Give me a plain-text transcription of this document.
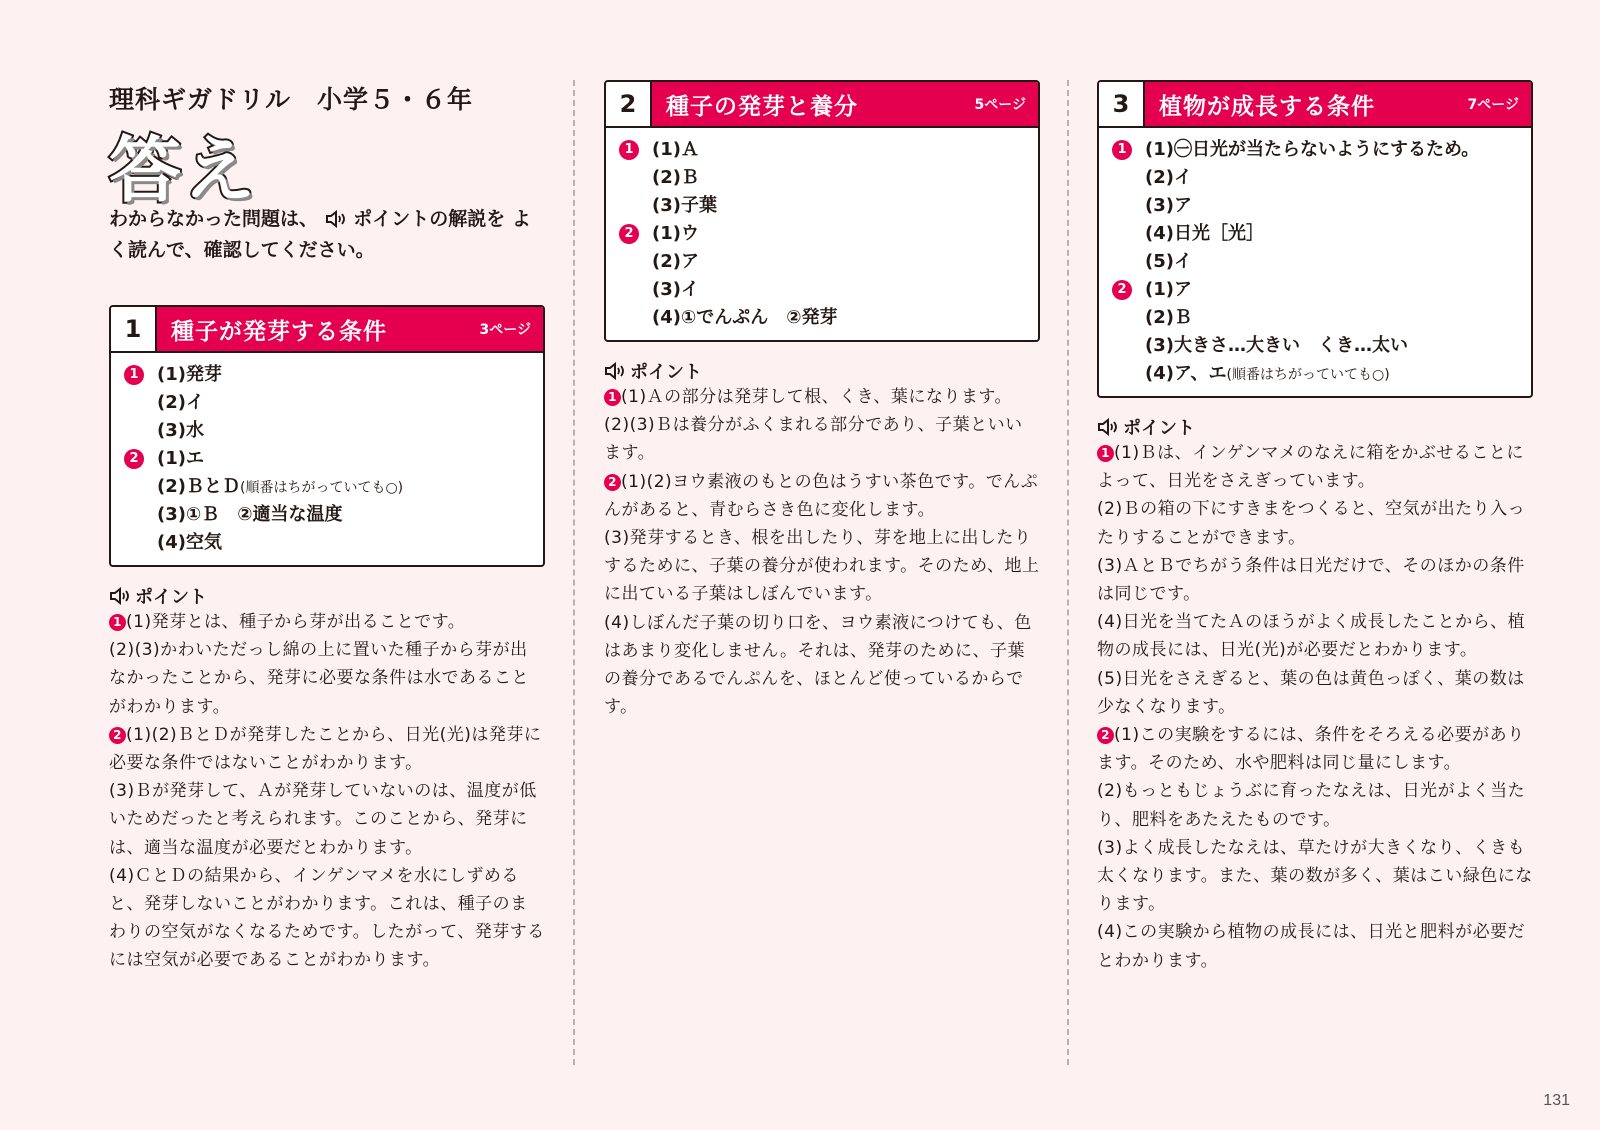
理科ギガドリル　小学５・６年
答え
わからなかった問題は、 ポイントの解説を よく読んで、確認してください。
1	種子が発芽する条件	3ページ
1	(1)発芽
(2)イ
(3)水
2	(1)エ
(2)ＢとＤ(順番はちがっていても○)
(3)①Ｂ　②適当な温度
(4)空気
ポイント

1 (1)発芽とは、種子から芽が出ることです。

(2)(3)かわいただっし綿の上に置いた種子から芽が出なかったことから、発芽に必要な条件は水であることがわかります。

2 (1)(2)ＢとＤが発芽したことから、日光(光)は発芽に必要な条件ではないことがわかります。

(3)Ｂが発芽して、Ａが発芽していないのは、温度が低いためだったと考えられます。このことから、発芽には、適当な温度が必要だとわかります。

(4)ＣとＤの結果から、インゲンマメを水にしずめると、発芽しないことがわかります。これは、種子のまわりの空気がなくなるためです。したがって、発芽するには空気が必要であることがわかります。

2	種子の発芽と養分	5ページ
1	(1)Ａ
(2)Ｂ
(3)子葉
2	(1)ウ
(2)ア
(3)イ
(4)①でんぷん　②発芽
ポイント

1 (1)Ａの部分は発芽して根、くき、葉になります。

(2)(3)Ｂは養分がふくまれる部分であり、子葉といいます。

2 (1)(2)ヨウ素液のもとの色はうすい茶色です。でんぷんがあると、青むらさき色に変化します。

(3)発芽するとき、根を出したり、芽を地上に出したりするために、子葉の養分が使われます。そのため、地上に出ている子葉はしぼんでいます。

(4)しぼんだ子葉の切り口を、ヨウ素液につけても、色はあまり変化しません。それは、発芽のために、子葉の養分であるでんぷんを、ほとんど使っているからです。

3	植物が成長する条件	7ページ
1	(1)㊀日光が当たらないようにするため。
(2)イ
(3)ア
(4)日光［光］
(5)イ
2	(1)ア
(2)Ｂ
(3)大きさ…大きい　くき…太い
(4)ア、エ(順番はちがっていても○)
ポイント

1 (1)Ｂは、インゲンマメのなえに箱をかぶせることによって、日光をさえぎっています。

(2)Ｂの箱の下にすきまをつくると、空気が出たり入ったりすることができます。

(3)ＡとＢでちがう条件は日光だけで、そのほかの条件は同じです。

(4)日光を当てたＡのほうがよく成長したことから、植物の成長には、日光(光)が必要だとわかります。

(5)日光をさえぎると、葉の色は黄色っぽく、葉の数は少なくなります。

2 (1)この実験をするには、条件をそろえる必要があります。そのため、水や肥料は同じ量にします。

(2)もっともじょうぶに育ったなえは、日光がよく当たり、肥料をあたえたものです。

(3)よく成長したなえは、草たけが大きくなり、くきも太くなります。また、葉の数が多く、葉はこい緑色になります。

(4)この実験から植物の成長には、日光と肥料が必要だとわかります。

131
